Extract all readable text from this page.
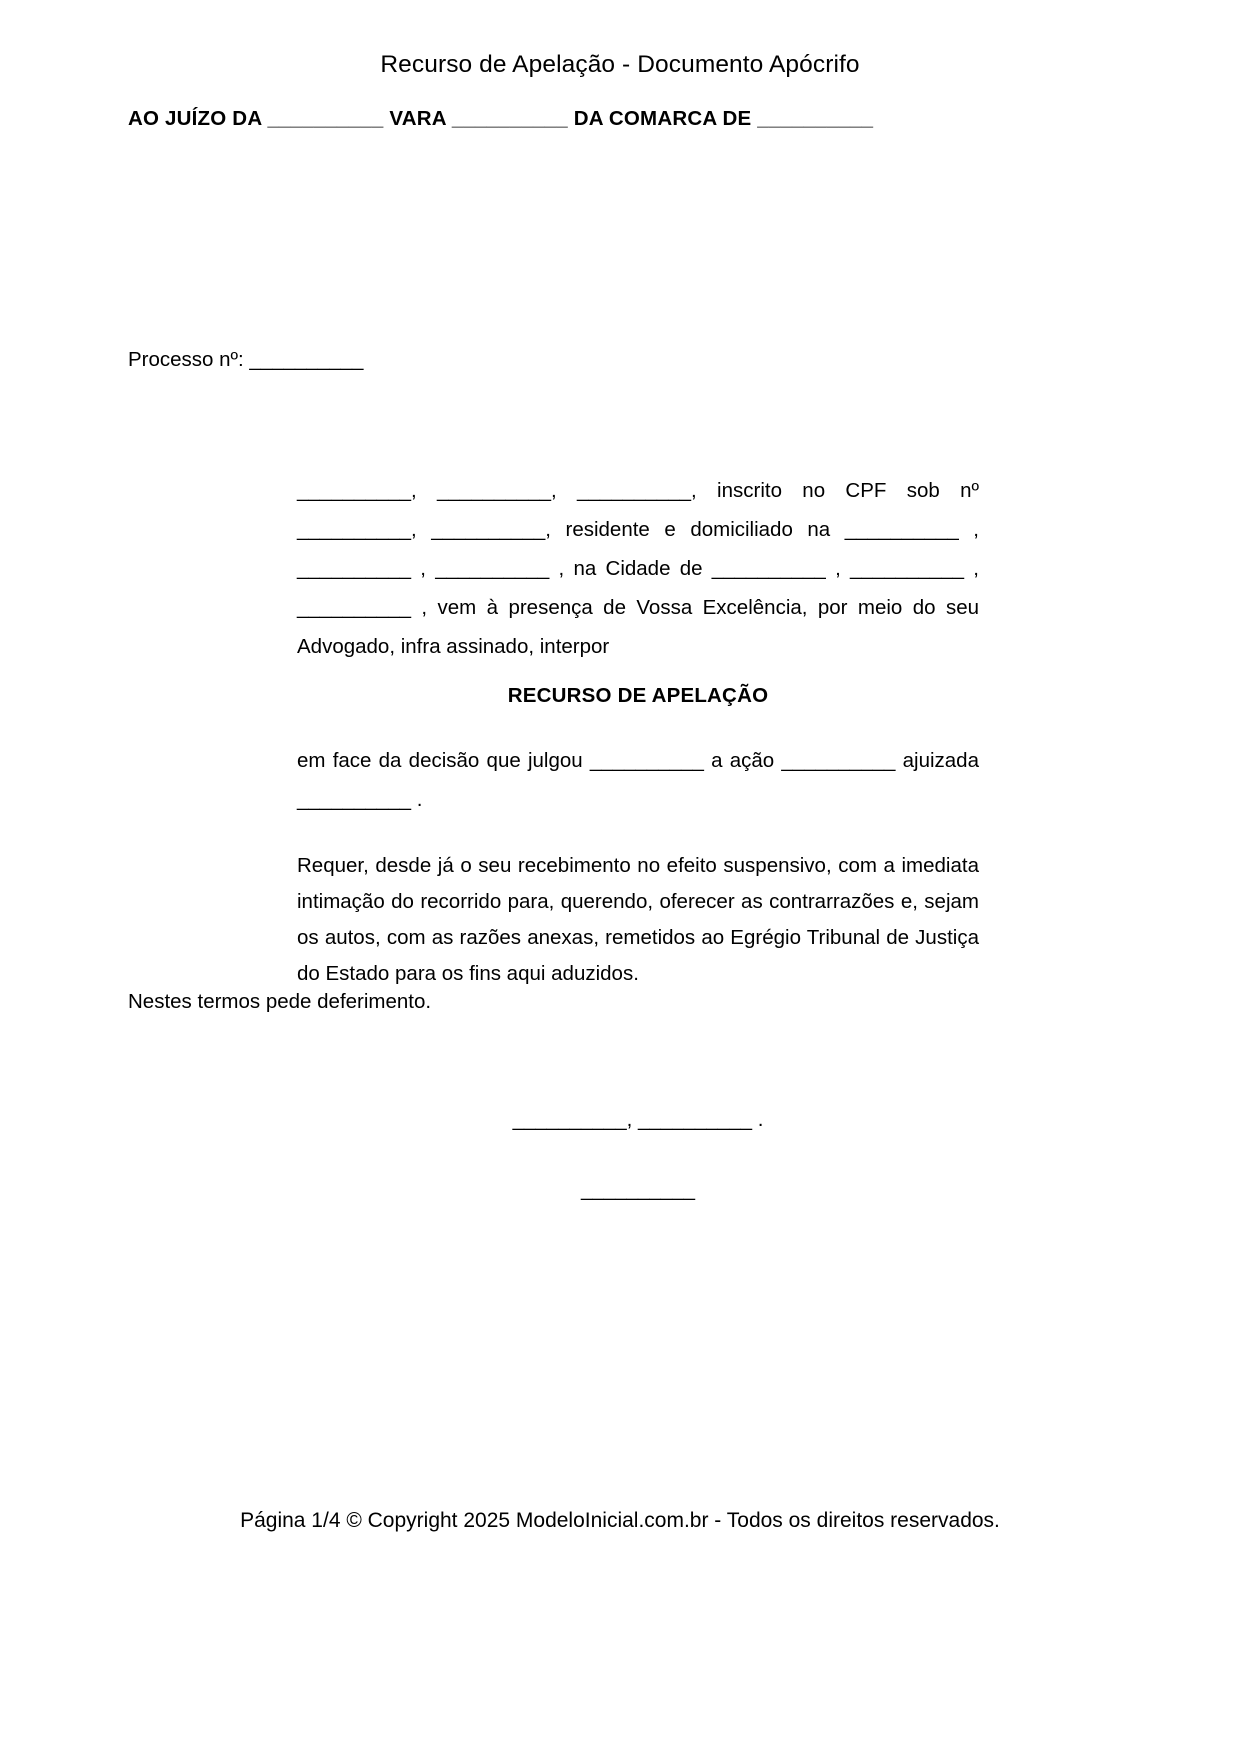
Recurso de Apelação - Documento Apócrifo
AO JUÍZO DA __________ VARA __________ DA COMARCA DE __________
Processo nº: __________
__________, __________, __________, inscrito no CPF sob nº __________, __________, residente e domiciliado na __________ , __________ , __________ , na Cidade de __________ , __________ , __________ , vem à presença de Vossa Excelência, por meio do seu Advogado, infra assinado, interpor
RECURSO DE APELAÇÃO
em face da decisão que julgou __________ a ação __________ ajuizada __________ .
Requer, desde já o seu recebimento no efeito suspensivo, com a imediata intimação do recorrido para, querendo, oferecer as contrarrazões e, sejam os autos, com as razões anexas, remetidos ao Egrégio Tribunal de Justiça do Estado para os fins aqui aduzidos.
Nestes termos pede deferimento.
__________, __________ .
__________
Página 1/4 © Copyright 2025 ModeloInicial.com.br - Todos os direitos reservados.
